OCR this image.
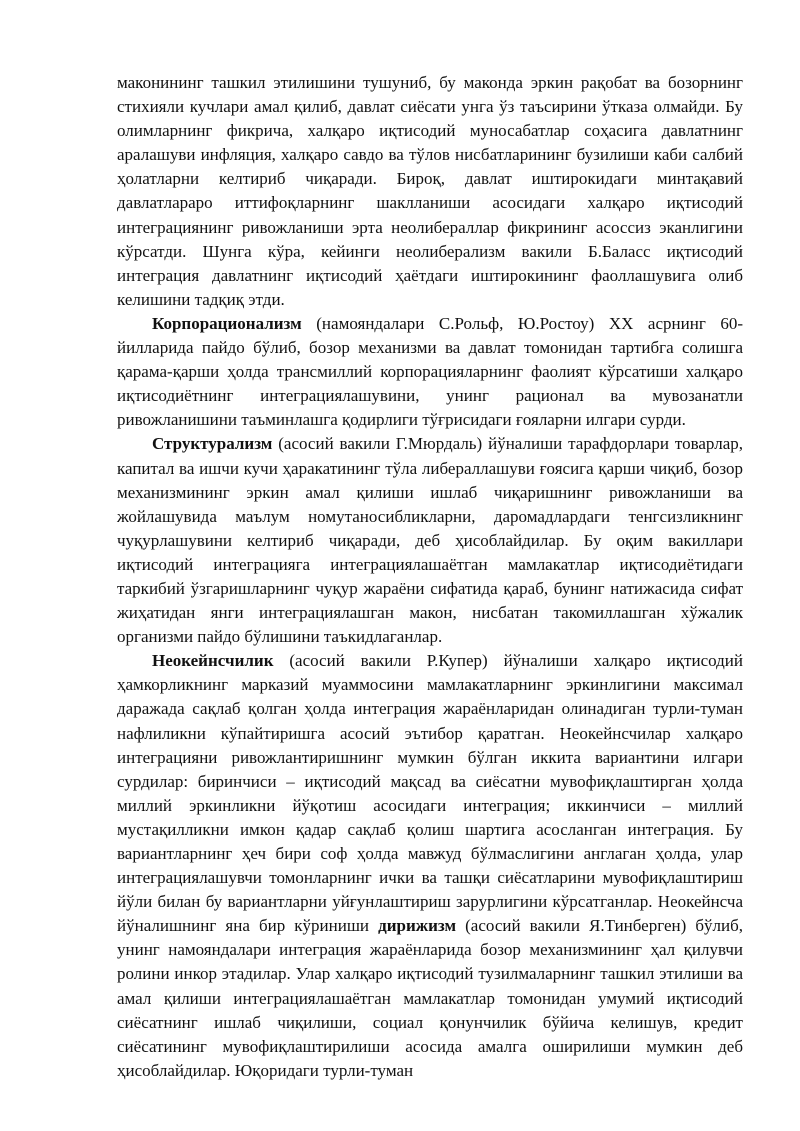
маконининг ташкил этилишини тушуниб, бу маконда эркин рақобат ва бозорнинг стихияли кучлари амал қилиб, давлат сиёсати унга ўз таъсирини ўтказа олмайди. Бу олимларнинг фикрича, халқаро иқтисодий муносабатлар соҳасига давлатнинг аралашуви инфляция, халқаро савдо ва тўлов нисбатларининг бузилиши каби салбий ҳолатларни келтириб чиқаради. Бироқ, давлат иштирокидаги минтақавий давлатлараро иттифоқларнинг шаклланиши асосидаги халқаро иқтисодий интеграциянинг ривожланиши эрта неолибераллар фикрининг асоссиз эканлигини кўрсатди. Шунга кўра, кейинги неолиберализм вакили Б.Баласс иқтисодий интеграция давлатнинг иқтисодий ҳаётдаги иштирокининг фаоллашувига олиб келишини тадқиқ этди.

Корпорационализм (намояндалари С.Рольф, Ю.Ростоу) ХХ асрнинг 60-йилларида пайдо бўлиб, бозор механизми ва давлат томонидан тартибга солишга қарама-қарши ҳолда трансмиллий корпорацияларнинг фаолият кўрсатиши халқаро иқтисодиётнинг интеграциялашувини, унинг рационал ва мувозанатли ривожланишини таъминлашга қодирлиги тўғрисидаги ғояларни илгари сурди.

Структурализм (асосий вакили Г.Мюрдаль) йўналиши тарафдорлари товарлар, капитал ва ишчи кучи ҳаракатининг тўла либераллашуви ғоясига қарши чиқиб, бозор механизмининг эркин амал қилиши ишлаб чиқаришнинг ривожланиши ва жойлашувида маълум номутаносибликларни, даромадлардаги тенгсизликнинг чуқурлашувини келтириб чиқаради, деб ҳисоблайдилар. Бу оқим вакиллари иқтисодий интеграцияга интеграциялашаётган мамлакатлар иқтисодиётидаги таркибий ўзгаришларнинг чуқур жараёни сифатида қараб, бунинг натижасида сифат жиҳатидан янги интеграциялашган макон, нисбатан такомиллашган хўжалик организми пайдо бўлишини таъкидлаганлар.

Неокейнсчилик (асосий вакили Р.Купер) йўналиши халқаро иқтисодий ҳамкорликнинг марказий муаммосини мамлакатларнинг эркинлигини максимал даражада сақлаб қолган ҳолда интеграция жараёнларидан олинадиган турли-туман нафлиликни кўпайтиришга асосий эътибор қаратган. Неокейнсчилар халқаро интеграцияни ривожлантиришнинг мумкин бўлган иккита вариантини илгари сурдилар: биринчиси – иқтисодий мақсад ва сиёсатни мувофиқлаштирган ҳолда миллий эркинликни йўқотиш асосидаги интеграция; иккинчиси – миллий мустақилликни имкон қадар сақлаб қолиш шартига асосланган интеграция. Бу вариантларнинг ҳеч бири соф ҳолда мавжуд бўлмаслигини англаган ҳолда, улар интеграциялашувчи томонларнинг ички ва ташқи сиёсатларини мувофиқлаштириш йўли билан бу вариантларни уйғунлаштириш зарурлигини кўрсатганлар. Неокейнсча йўналишнинг яна бир кўриниши дирижизм (асосий вакили Я.Тинберген) бўлиб, унинг намояндалари интеграция жараёнларида бозор механизмининг ҳал қилувчи ролини инкор этадилар. Улар халқаро иқтисодий тузилмаларнинг ташкил этилиши ва амал қилиши интеграциялашаётган мамлакатлар томонидан умумий иқтисодий сиёсатнинг ишлаб чиқилиши, социал қонунчилик бўйича келишув, кредит сиёсатининг мувофиқлаштирилиши асосида амалга оширилиши мумкин деб ҳисоблайдилар. Юқоридаги турли-туман
